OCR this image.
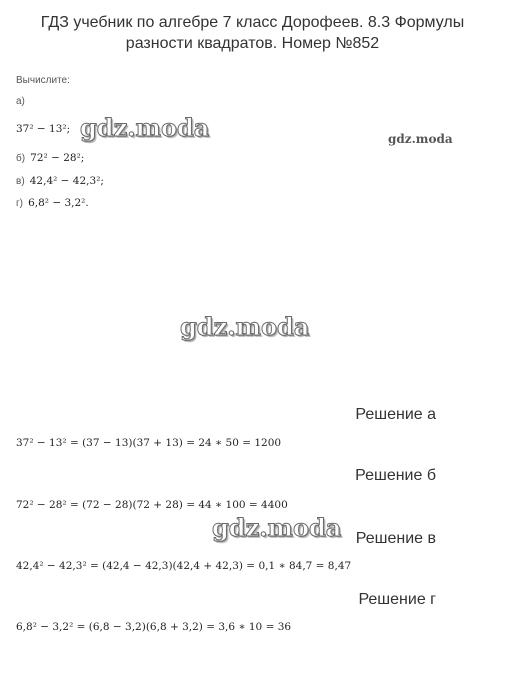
ГДЗ учебник по алгебре 7 класс Дорофеев. 8.3 Формулы
разности квадратов. Номер №852
Вычислите:
а)
37² − 13²;
б) 72² − 28²;
в) 42,4² − 42,3²;
г) 6,8² − 3,2².
gdz.moda	gdz.moda
gdz.moda
gdz.moda
Решение а
37² − 13² = (37 − 13)(37 + 13) = 24 ∗ 50 = 1200
Решение б
72² − 28² = (72 − 28)(72 + 28) = 44 ∗ 100 = 4400
Решение в
42,4² − 42,3² = (42,4 − 42,3)(42,4 + 42,3) = 0,1 ∗ 84,7 = 8,47
Решение г
6,8² − 3,2² = (6,8 − 3,2)(6,8 + 3,2) = 3,6 ∗ 10 = 36
